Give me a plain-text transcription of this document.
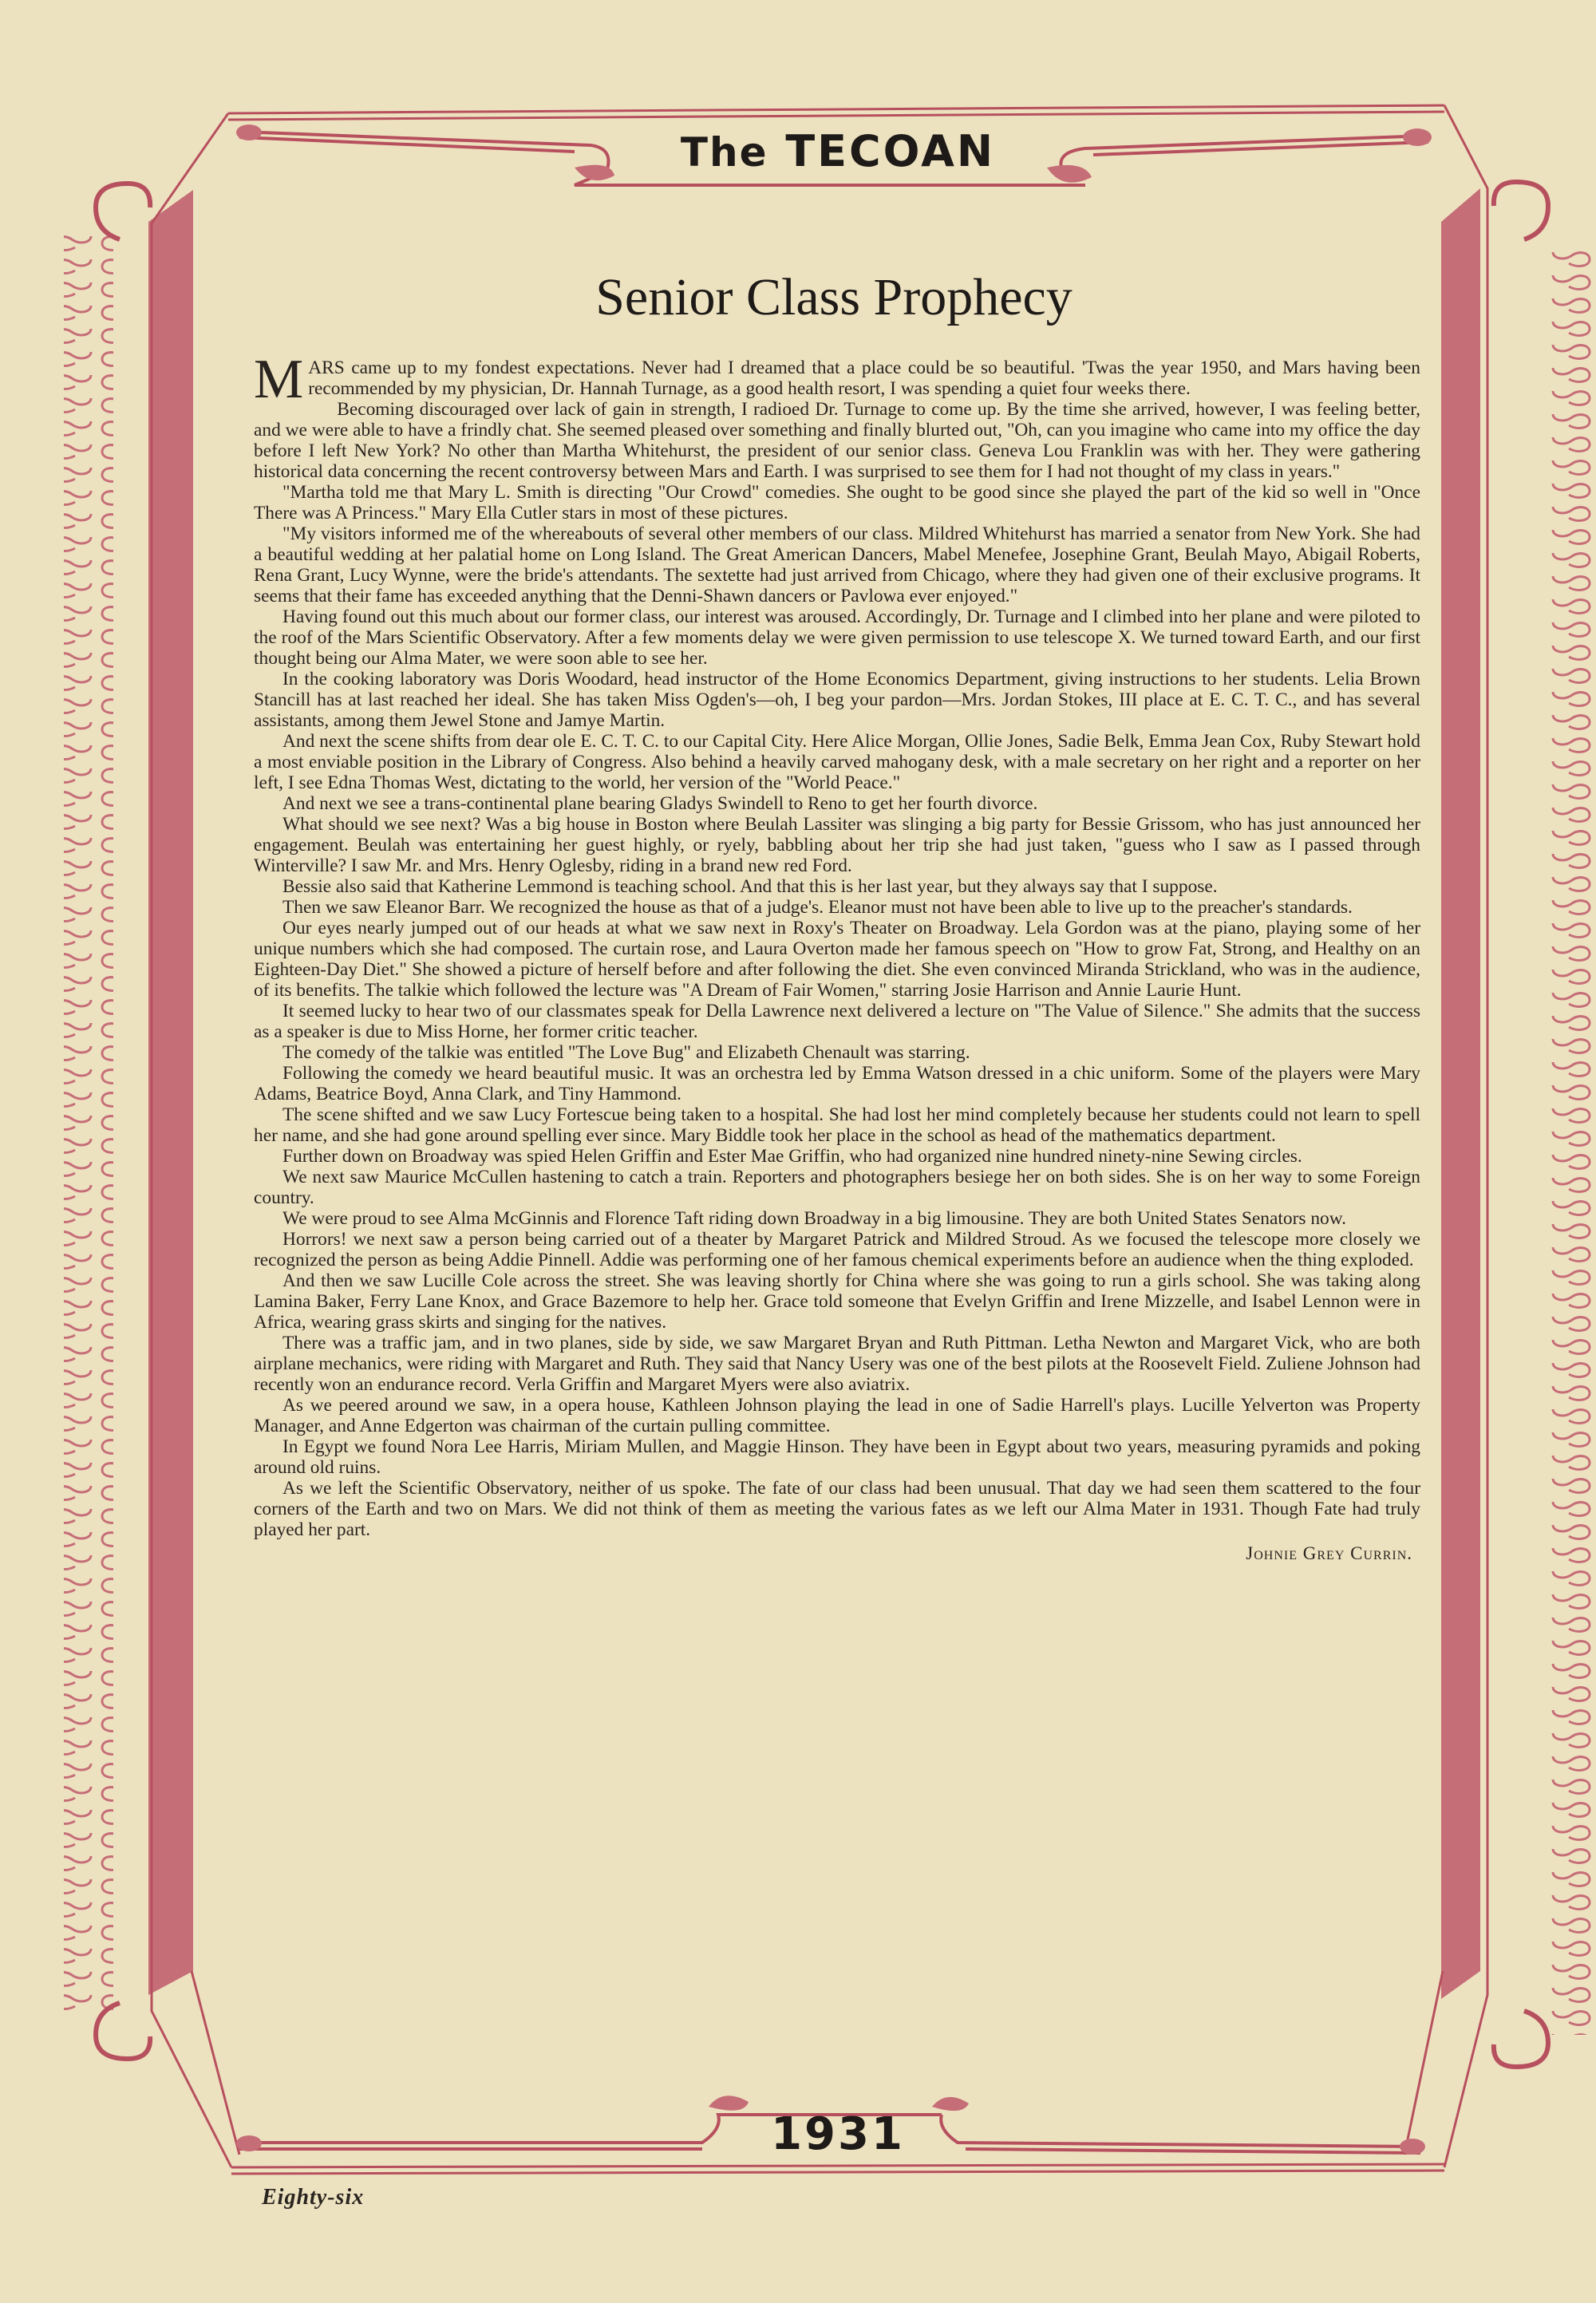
The TECOAN
Senior Class Prophecy

MARS came up to my fondest expectations. Never had I dreamed that a place could be so beautiful. 'Twas the year 1950, and Mars having been recommended by my physician, Dr. Hannah Turnage, as a good health resort, I was spending a quiet four weeks there.

Becoming discouraged over lack of gain in strength, I radioed Dr. Turnage to come up. By the time she arrived, however, I was feeling better, and we were able to have a frindly chat. She seemed pleased over something and finally blurted out, "Oh, can you imagine who came into my office the day before I left New York? No other than Martha Whitehurst, the president of our senior class. Geneva Lou Franklin was with her. They were gathering historical data concerning the recent controversy between Mars and Earth. I was surprised to see them for I had not thought of my class in years."

"Martha told me that Mary L. Smith is directing "Our Crowd" comedies. She ought to be good since she played the part of the kid so well in "Once There was A Princess." Mary Ella Cutler stars in most of these pictures.

"My visitors informed me of the whereabouts of several other members of our class. Mildred Whitehurst has married a senator from New York. She had a beautiful wedding at her palatial home on Long Island. The Great American Dancers, Mabel Menefee, Josephine Grant, Beulah Mayo, Abigail Roberts, Rena Grant, Lucy Wynne, were the bride's attendants. The sextette had just arrived from Chicago, where they had given one of their exclusive programs. It seems that their fame has exceeded anything that the Denni-Shawn dancers or Pavlowa ever enjoyed."

Having found out this much about our former class, our interest was aroused. Accordingly, Dr. Turnage and I climbed into her plane and were piloted to the roof of the Mars Scientific Observatory. After a few moments delay we were given permission to use telescope X. We turned toward Earth, and our first thought being our Alma Mater, we were soon able to see her.

In the cooking laboratory was Doris Woodard, head instructor of the Home Economics Department, giving instructions to her students. Lelia Brown Stancill has at last reached her ideal. She has taken Miss Ogden's—oh, I beg your pardon—Mrs. Jordan Stokes, III place at E. C. T. C., and has several assistants, among them Jewel Stone and Jamye Martin.

And next the scene shifts from dear ole E. C. T. C. to our Capital City. Here Alice Morgan, Ollie Jones, Sadie Belk, Emma Jean Cox, Ruby Stewart hold a most enviable position in the Library of Congress. Also behind a heavily carved mahogany desk, with a male secretary on her right and a reporter on her left, I see Edna Thomas West, dictating to the world, her version of the "World Peace."

And next we see a trans-continental plane bearing Gladys Swindell to Reno to get her fourth divorce.

What should we see next? Was a big house in Boston where Beulah Lassiter was slinging a big party for Bessie Grissom, who has just announced her engagement. Beulah was entertaining her guest highly, or ryely, babbling about her trip she had just taken, "guess who I saw as I passed through Winterville? I saw Mr. and Mrs. Henry Oglesby, riding in a brand new red Ford.

Bessie also said that Katherine Lemmond is teaching school. And that this is her last year, but they always say that I suppose.

Then we saw Eleanor Barr. We recognized the house as that of a judge's. Eleanor must not have been able to live up to the preacher's standards.

Our eyes nearly jumped out of our heads at what we saw next in Roxy's Theater on Broadway. Lela Gordon was at the piano, playing some of her unique numbers which she had composed. The curtain rose, and Laura Overton made her famous speech on "How to grow Fat, Strong, and Healthy on an Eighteen-Day Diet." She showed a picture of herself before and after following the diet. She even convinced Miranda Strickland, who was in the audience, of its benefits. The talkie which followed the lecture was "A Dream of Fair Women," starring Josie Harrison and Annie Laurie Hunt.

It seemed lucky to hear two of our classmates speak for Della Lawrence next delivered a lecture on "The Value of Silence." She admits that the success as a speaker is due to Miss Horne, her former critic teacher.

The comedy of the talkie was entitled "The Love Bug" and Elizabeth Chenault was starring.

Following the comedy we heard beautiful music. It was an orchestra led by Emma Watson dressed in a chic uniform. Some of the players were Mary Adams, Beatrice Boyd, Anna Clark, and Tiny Hammond.

The scene shifted and we saw Lucy Fortescue being taken to a hospital. She had lost her mind completely because her students could not learn to spell her name, and she had gone around spelling ever since. Mary Biddle took her place in the school as head of the mathematics department.

Further down on Broadway was spied Helen Griffin and Ester Mae Griffin, who had organized nine hundred ninety-nine Sewing circles.

We next saw Maurice McCullen hastening to catch a train. Reporters and photographers besiege her on both sides. She is on her way to some Foreign country.

We were proud to see Alma McGinnis and Florence Taft riding down Broadway in a big limousine. They are both United States Senators now.

Horrors! we next saw a person being carried out of a theater by Margaret Patrick and Mildred Stroud. As we focused the telescope more closely we recognized the person as being Addie Pinnell. Addie was performing one of her famous chemical experiments before an audience when the thing exploded.

And then we saw Lucille Cole across the street. She was leaving shortly for China where she was going to run a girls school. She was taking along Lamina Baker, Ferry Lane Knox, and Grace Bazemore to help her. Grace told someone that Evelyn Griffin and Irene Mizzelle, and Isabel Lennon were in Africa, wearing grass skirts and singing for the natives.

There was a traffic jam, and in two planes, side by side, we saw Margaret Bryan and Ruth Pittman. Letha Newton and Margaret Vick, who are both airplane mechanics, were riding with Margaret and Ruth. They said that Nancy Usery was one of the best pilots at the Roosevelt Field. Zuliene Johnson had recently won an endurance record. Verla Griffin and Margaret Myers were also aviatrix.

As we peered around we saw, in a opera house, Kathleen Johnson playing the lead in one of Sadie Harrell's plays. Lucille Yelverton was Property Manager, and Anne Edgerton was chairman of the curtain pulling committee.

In Egypt we found Nora Lee Harris, Miriam Mullen, and Maggie Hinson. They have been in Egypt about two years, measuring pyramids and poking around old ruins.

As we left the Scientific Observatory, neither of us spoke. The fate of our class had been unusual. That day we had seen them scattered to the four corners of the Earth and two on Mars. We did not think of them as meeting the various fates as we left our Alma Mater in 1931. Though Fate had truly played her part.

Johnie Grey Currin.
1931
Eighty-six
